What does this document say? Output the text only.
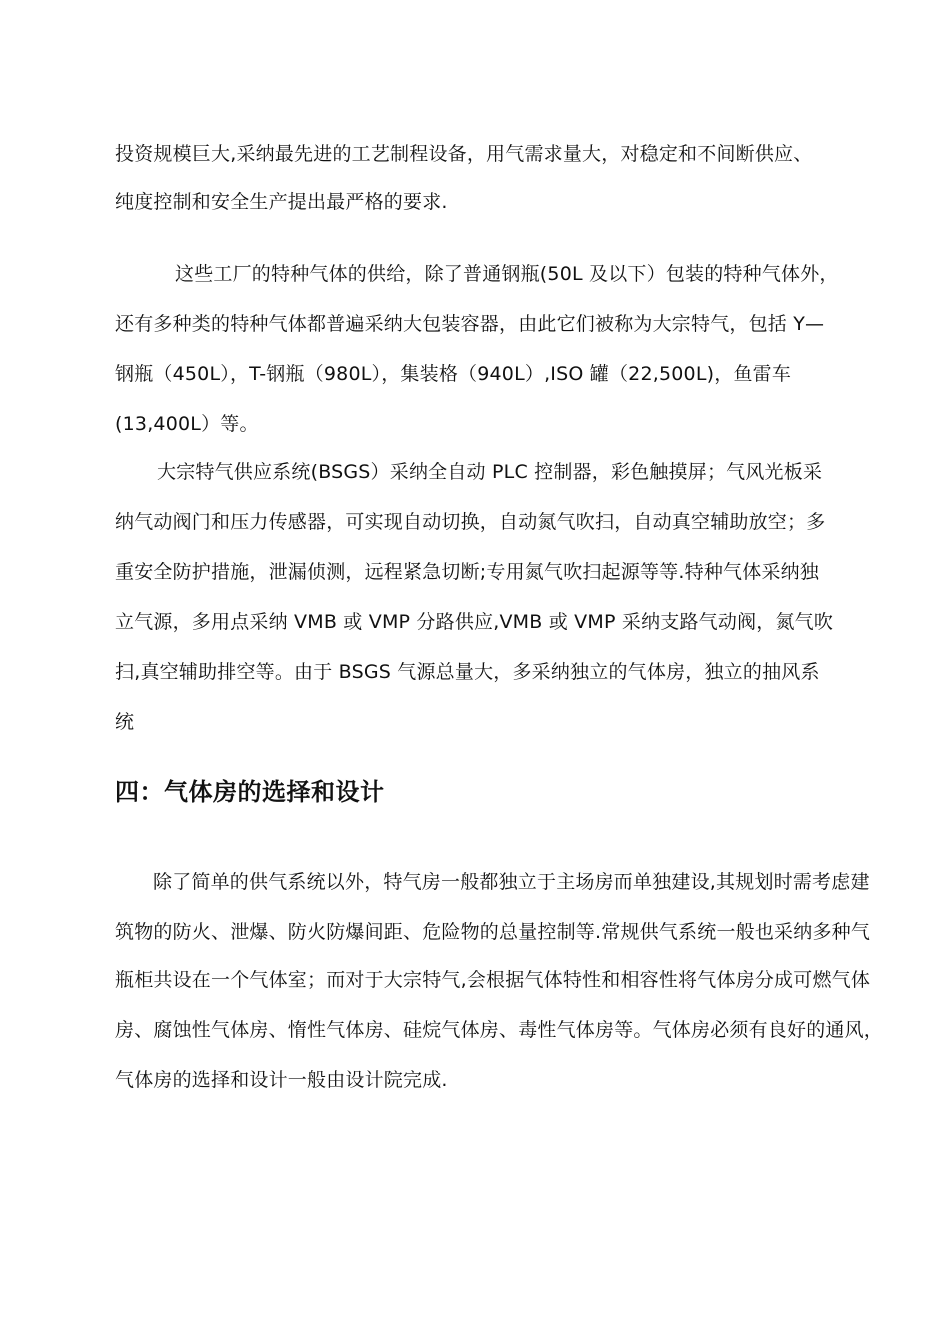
投资规模巨大,采纳最先进的工艺制程设备，用气需求量大，对稳定和不间断供应、
纯度控制和安全生产提出最严格的要求.
这些工厂的特种气体的供给，除了普通钢瓶(50L 及以下）包装的特种气体外，
还有多种类的特种气体都普遍采纳大包装容器，由此它们被称为大宗特气，包括 Y—
钢瓶（450L），T-钢瓶（980L），集装格（940L）,ISO 罐（22,500L)，鱼雷车
(13,400L）等。
大宗特气供应系统(BSGS）采纳全自动 PLC 控制器，彩色触摸屏；气风光板采
纳气动阀门和压力传感器，可实现自动切换，自动氮气吹扫，自动真空辅助放空；多
重安全防护措施，泄漏侦测，远程紧急切断;专用氮气吹扫起源等等.特种气体采纳独
立气源，多用点采纳 VMB 或 VMP 分路供应,VMB 或 VMP 采纳支路气动阀，氮气吹
扫,真空辅助排空等。由于 BSGS 气源总量大，多采纳独立的气体房，独立的抽风系
统
四：气体房的选择和设计
除了简单的供气系统以外，特气房一般都独立于主场房而单独建设,其规划时需考虑建
筑物的防火、泄爆、防火防爆间距、危险物的总量控制等.常规供气系统一般也采纳多种气
瓶柜共设在一个气体室；而对于大宗特气,会根据气体特性和相容性将气体房分成可燃气体
房、腐蚀性气体房、惰性气体房、硅烷气体房、毒性气体房等。气体房必须有良好的通风，
气体房的选择和设计一般由设计院完成.
